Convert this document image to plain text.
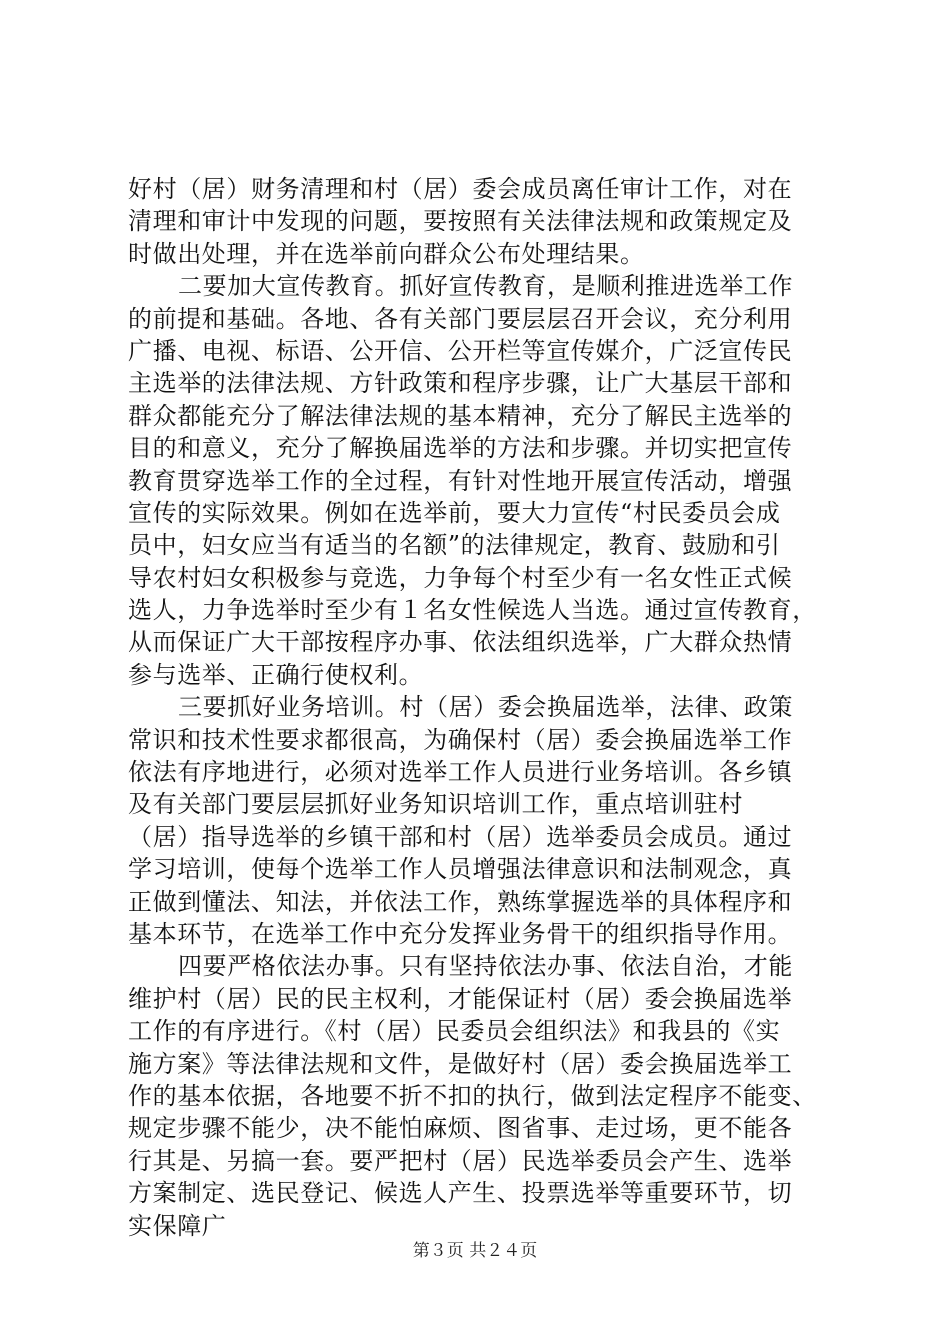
好村（居）财务清理和村（居）委会成员离任审计工作，对在
清理和审计中发现的问题，要按照有关法律法规和政策规定及
时做出处理，并在选举前向群众公布处理结果。
二要加大宣传教育。抓好宣传教育，是顺利推进选举工作
的前提和基础。各地、各有关部门要层层召开会议，充分利用
广播、电视、标语、公开信、公开栏等宣传媒介，广泛宣传民
主选举的法律法规、方针政策和程序步骤，让广大基层干部和
群众都能充分了解法律法规的基本精神，充分了解民主选举的
目的和意义，充分了解换届选举的方法和步骤。并切实把宣传
教育贯穿选举工作的全过程，有针对性地开展宣传活动，增强
宣传的实际效果。例如在选举前，要大力宣传“村民委员会成
员中，妇女应当有适当的名额”的法律规定，教育、鼓励和引
导农村妇女积极参与竞选，力争每个村至少有一名女性正式候
选人，力争选举时至少有１名女性候选人当选。通过宣传教育，
从而保证广大干部按程序办事、依法组织选举，广大群众热情
参与选举、正确行使权利。
三要抓好业务培训。村（居）委会换届选举，法律、政策
常识和技术性要求都很高，为确保村（居）委会换届选举工作
依法有序地进行，必须对选举工作人员进行业务培训。各乡镇
及有关部门要层层抓好业务知识培训工作，重点培训驻村
（居）指导选举的乡镇干部和村（居）选举委员会成员。通过
学习培训，使每个选举工作人员增强法律意识和法制观念，真
正做到懂法、知法，并依法工作，熟练掌握选举的具体程序和
基本环节，在选举工作中充分发挥业务骨干的组织指导作用。
四要严格依法办事。只有坚持依法办事、依法自治，才能
维护村（居）民的民主权利，才能保证村（居）委会换届选举
工作的有序进行。《村（居）民委员会组织法》和我县的《实
施方案》等法律法规和文件，是做好村（居）委会换届选举工
作的基本依据，各地要不折不扣的执行，做到法定程序不能变、
规定步骤不能少，决不能怕麻烦、图省事、走过场，更不能各
行其是、另搞一套。要严把村（居）民选举委员会产生、选举
方案制定、选民登记、候选人产生、投票选举等重要环节，切
实保障广
第３页 共２４页
